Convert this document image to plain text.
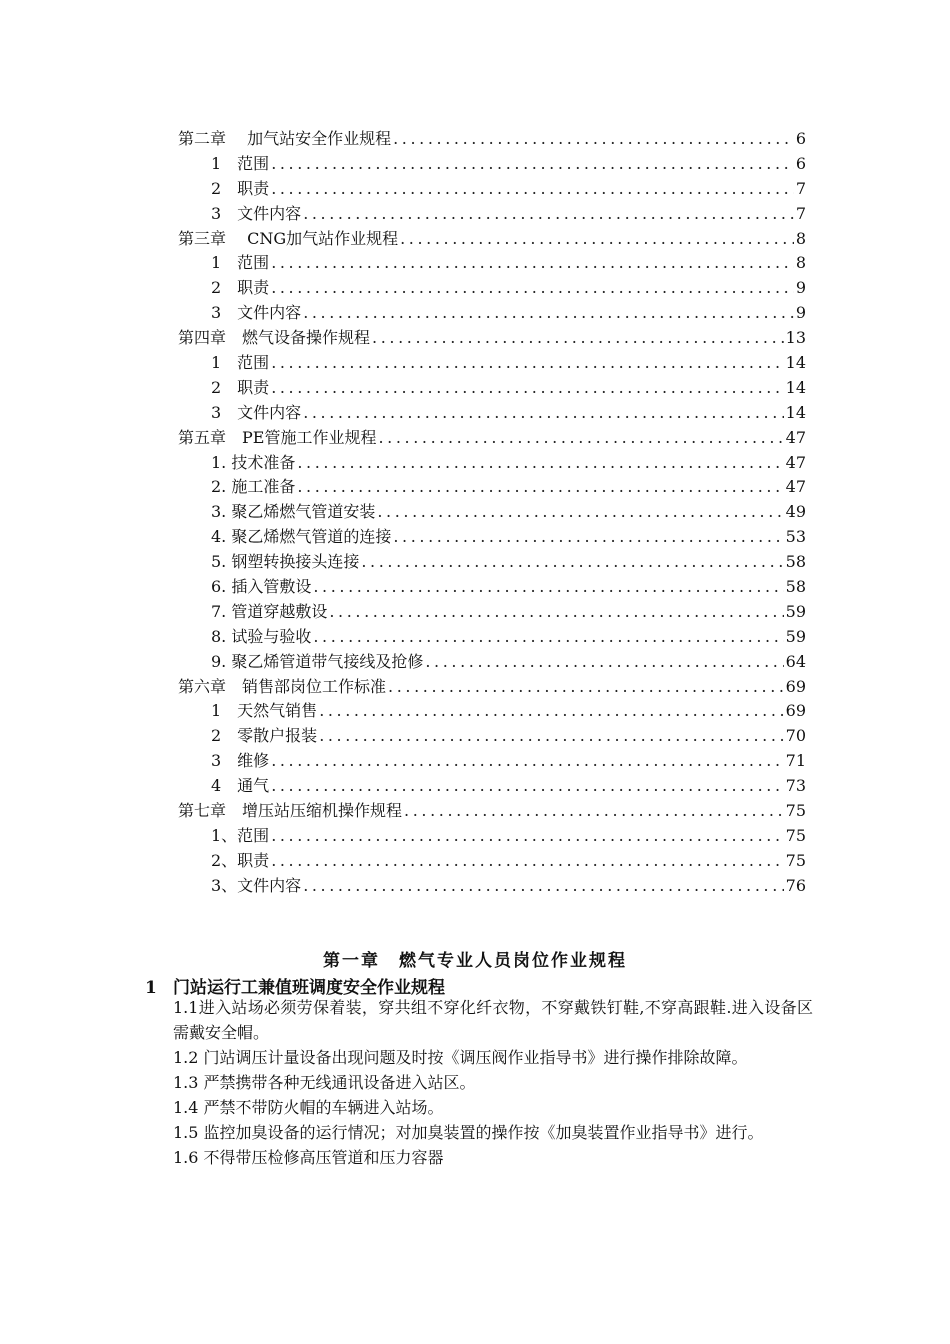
第二章　 加气站安全作业规程 .....	6
1　范围 .....	6
2　职责 .....	7
3　文件内容 .....	7
第三章　 CNG加气站作业规程 .....	8
1　范围 .....	8
2　职责 .....	9
3　文件内容 .....	9
第四章　燃气设备操作规程 .....	13
1　范围 .....	14
2　职责 .....	14
3　文件内容 .....	14
第五章　PE管施工作业规程 .....	47
1. 技术准备 .....	47
2. 施工准备 .....	47
3. 聚乙烯燃气管道安装 .....	49
4. 聚乙烯燃气管道的连接 .....	53
5. 钢塑转换接头连接 .....	58
6. 插入管敷设 .....	58
7. 管道穿越敷设 .....	59
8. 试验与验收 .....	59
9. 聚乙烯管道带气接线及抢修 .....	64
第六章　销售部岗位工作标准 .....	69
1　天然气销售 .....	69
2　零散户报装 .....	70
3　维修 .....	71
4　通气 .....	73
第七章　增压站压缩机操作规程 .....	75
1、范围 .....	75
2、职责 .....	75
3、文件内容 .....	76
第一章　燃气专业人员岗位作业规程
1 门站运行工兼值班调度安全作业规程

1.1进入站场必须劳保着装，穿共组不穿化纤衣物，不穿戴铁钉鞋,不穿高跟鞋.进入设备区需戴安全帽。

1.2 门站调压计量设备出现问题及时按《调压阀作业指导书》进行操作排除故障。

1.3 严禁携带各种无线通讯设备进入站区。

1.4 严禁不带防火帽的车辆进入站场。

1.5 监控加臭设备的运行情况；对加臭装置的操作按《加臭装置作业指导书》进行。

1.6 不得带压检修高压管道和压力容器
